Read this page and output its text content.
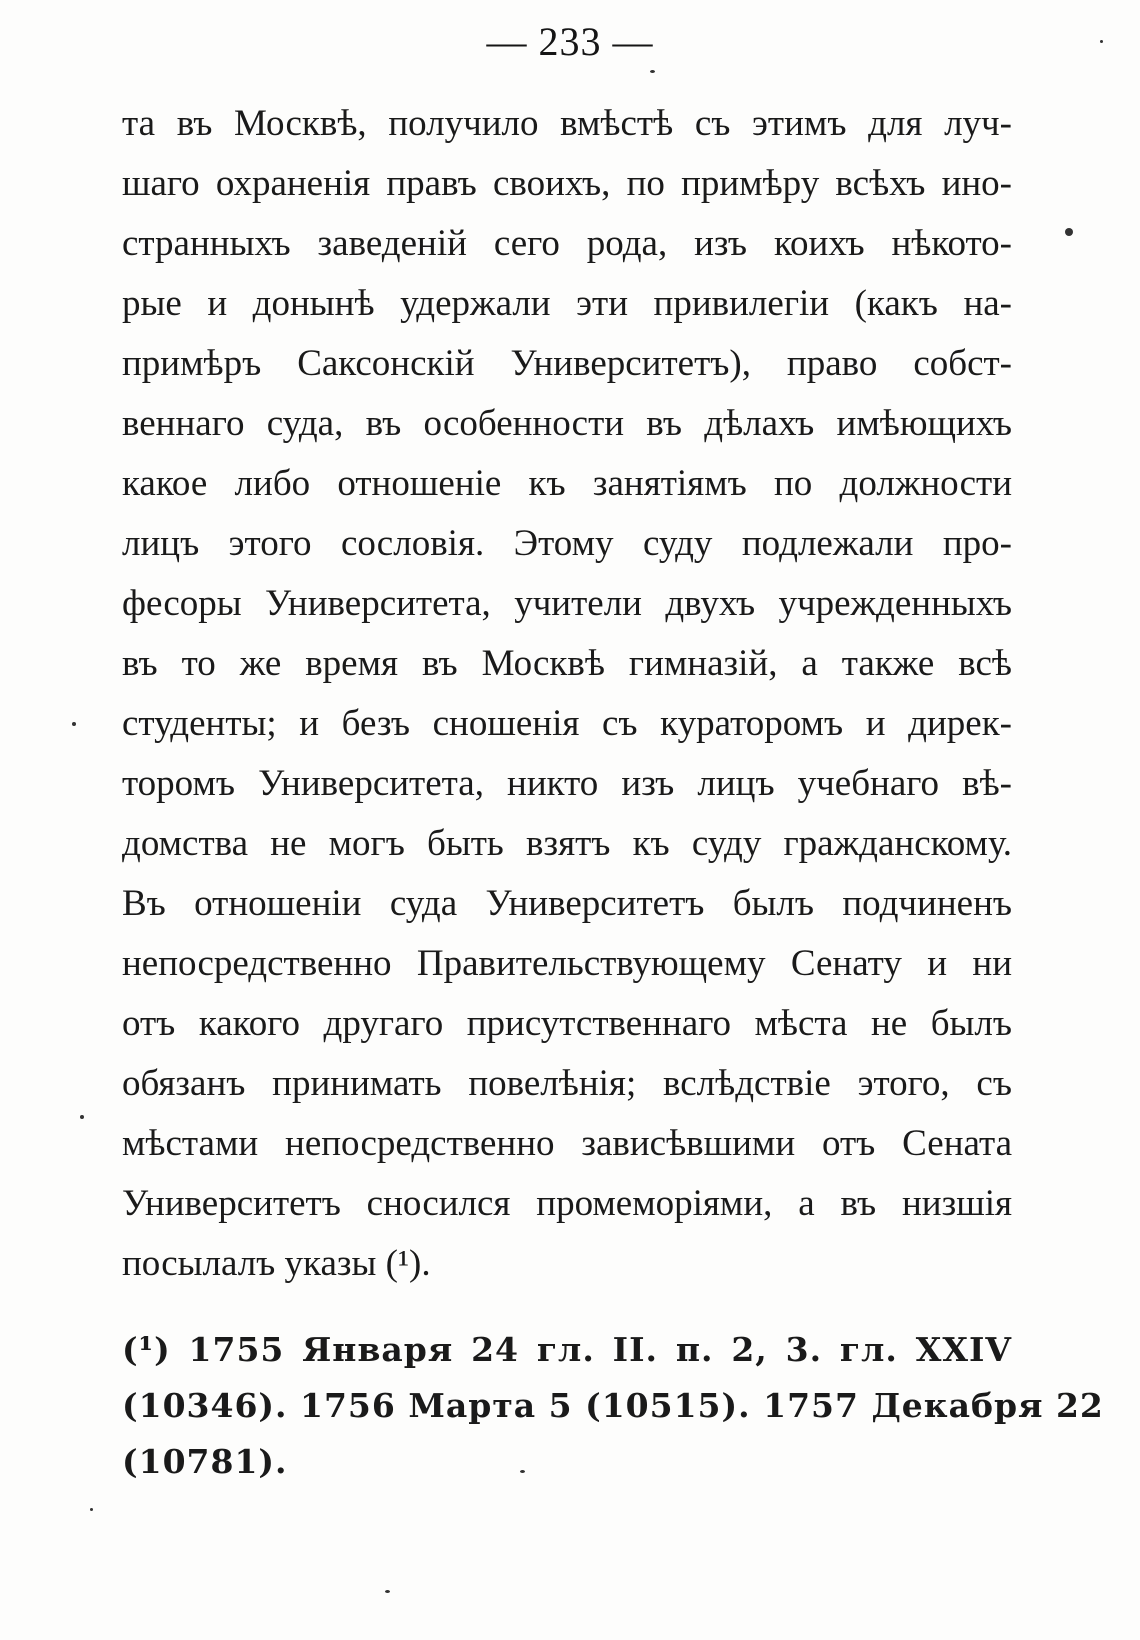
— 233 —
та въ Москвѣ, получило вмѣстѣ съ этимъ для луч-
шаго охраненія правъ своихъ, по примѣру всѣхъ ино-
странныхъ заведеній сего рода, изъ коихъ нѣкото-
рые и донынѣ удержали эти привилегіи (какъ на-
примѣръ Саксонскій Университетъ), право собст-
веннаго суда, въ особенности въ дѣлахъ имѣющихъ
какое либо отношеніе къ занятіямъ по должности
лицъ этого сословія. Этому суду подлежали про-
фесоры Университета, учители двухъ учрежденныхъ
въ то же время въ Москвѣ гимназій, а также всѣ
студенты; и безъ сношенія съ кураторомъ и дирек-
торомъ Университета, никто изъ лицъ учебнаго вѣ-
домства не могъ быть взятъ къ суду гражданскому.
Въ отношеніи суда Университетъ былъ подчиненъ
непосредственно Правительствующему Сенату и ни
отъ какого другаго присутственнаго мѣста не былъ
обязанъ принимать повелѣнія; вслѣдствіе этого, съ
мѣстами непосредственно зависѣвшими отъ Сената
Университетъ сносился промеморіями, а въ низшія
посылалъ указы (¹).
(¹) 1755 Января 24 гл. II. п. 2, 3. гл. XXIV
(10346). 1756 Марта 5 (10515). 1757 Декабря 22
(10781).
